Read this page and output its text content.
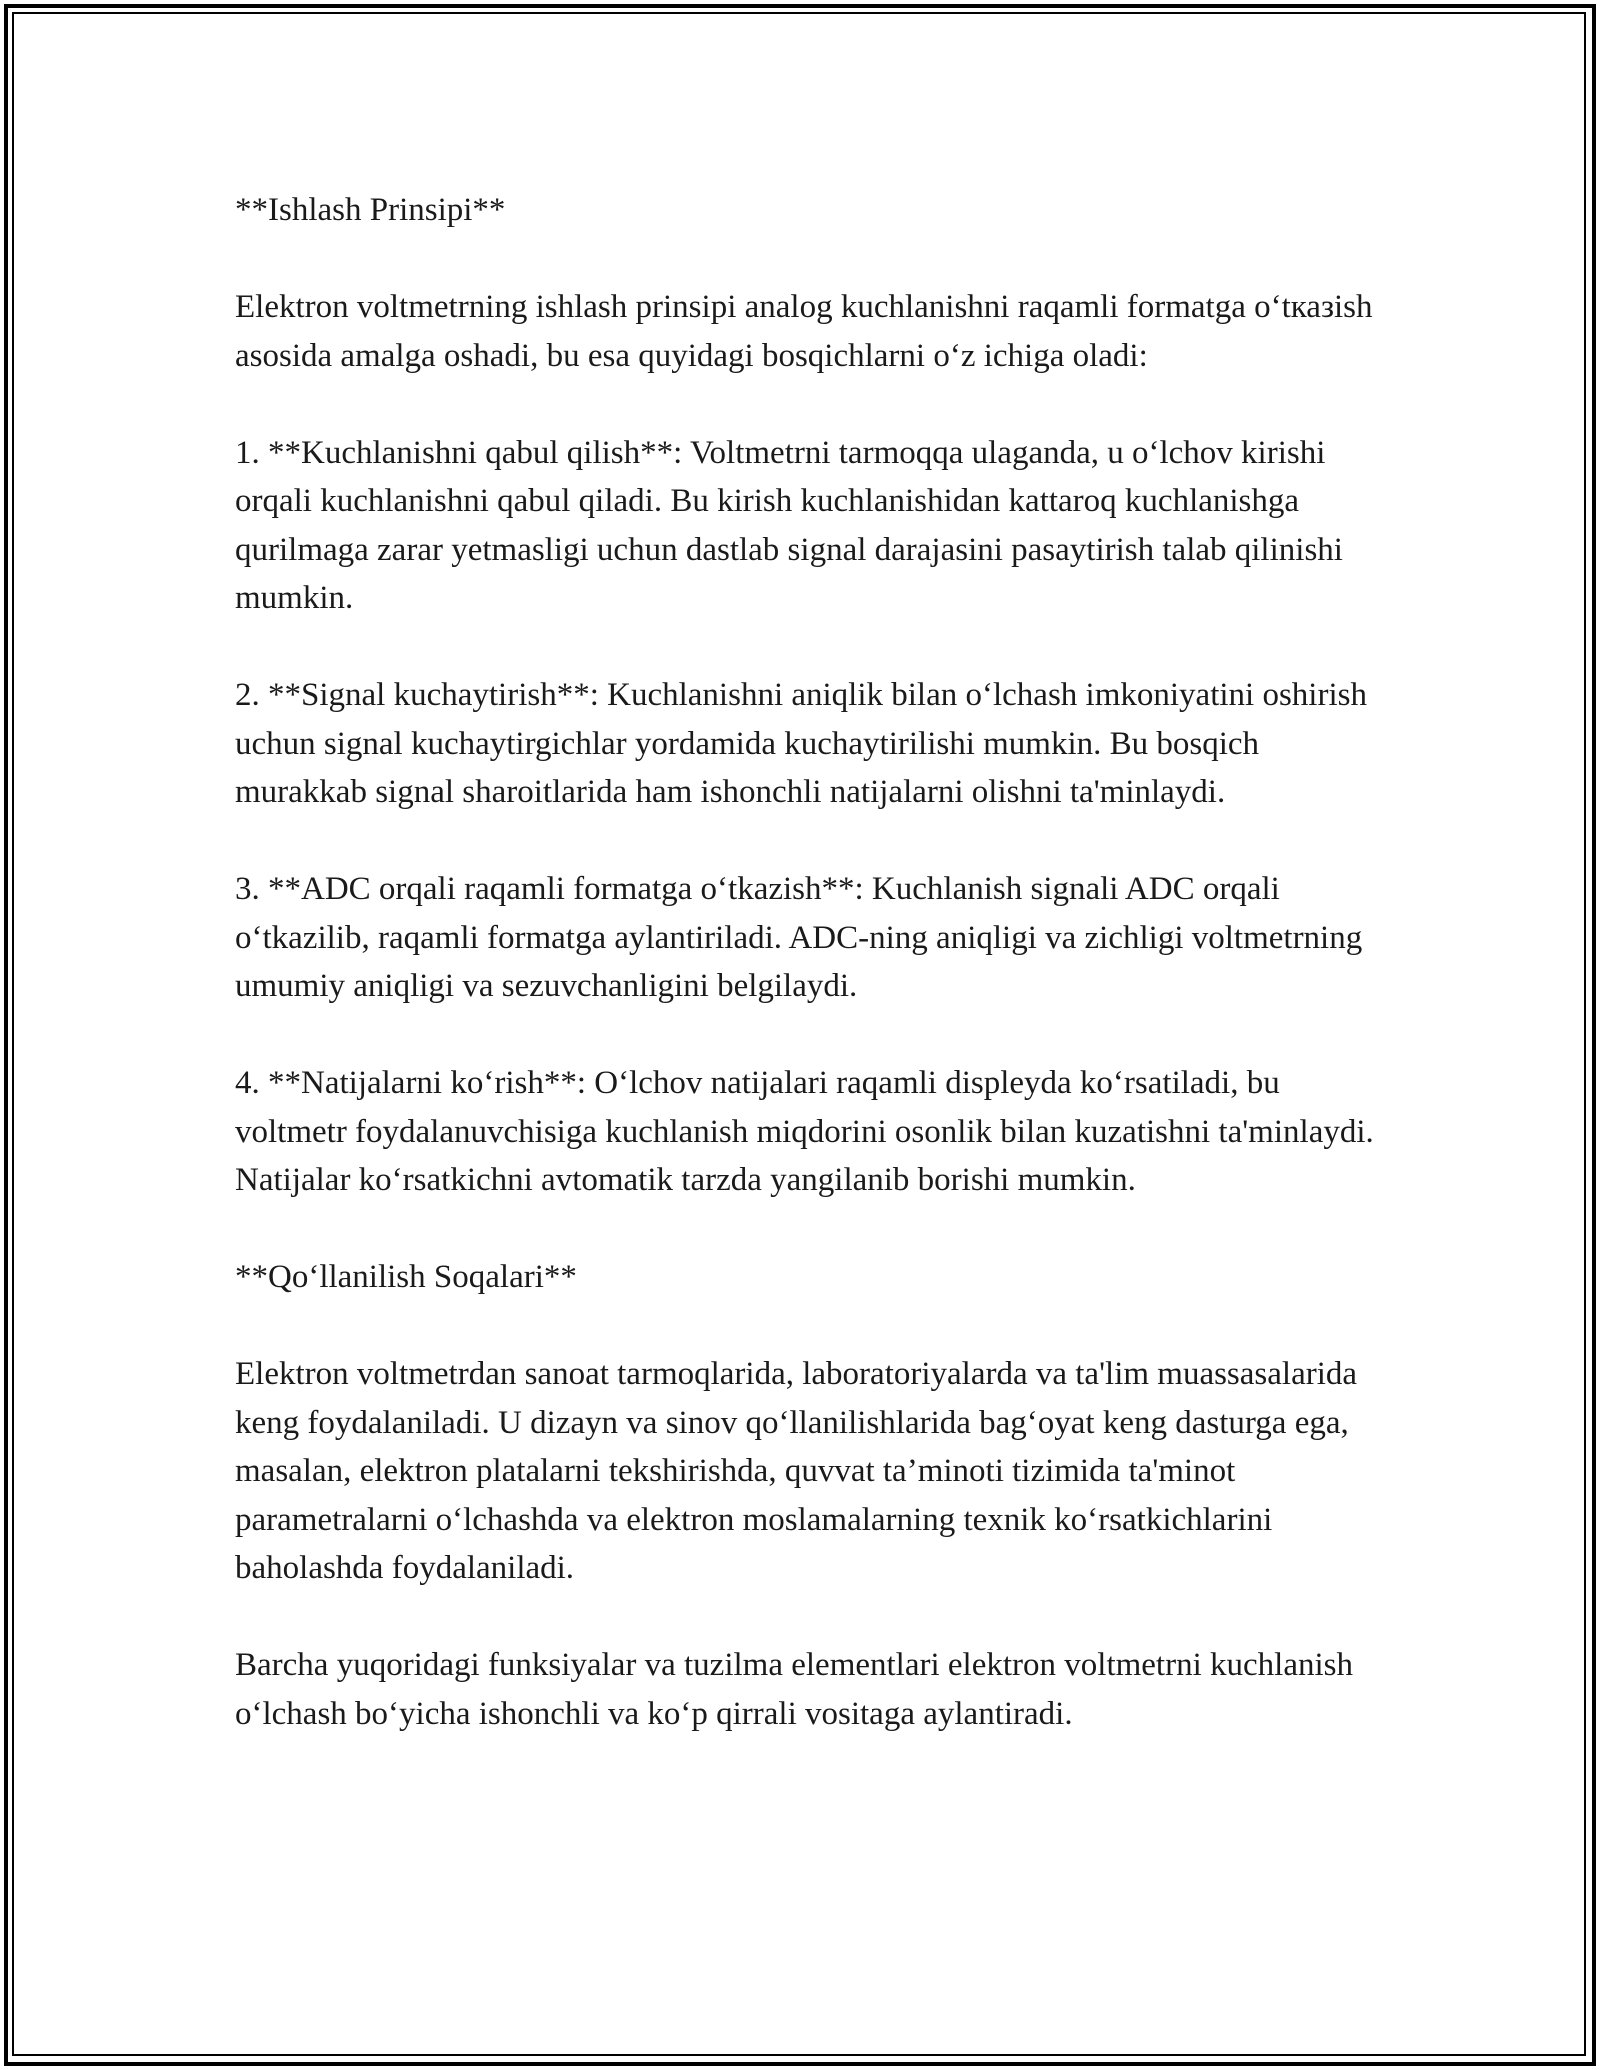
**Ishlash Prinsipi**

Elektron voltmetrning ishlash prinsipi analog kuchlanishni raqamli formatga o‘tказish asosida amalga oshadi, bu esa quyidagi bosqichlarni o‘z ichiga oladi:

1. **Kuchlanishni qabul qilish**: Voltmetrni tarmoqqa ulaganda, u o‘lchov kirishi orqali kuchlanishni qabul qiladi. Bu kirish kuchlanishidan kattaroq kuchlanishga qurilmaga zarar yetmasligi uchun dastlab signal darajasini pasaytirish talab qilinishi mumkin.

2. **Signal kuchaytirish**: Kuchlanishni aniqlik bilan o‘lchash imkoniyatini oshirish uchun signal kuchaytirgichlar yordamida kuchaytirilishi mumkin. Bu bosqich murakkab signal sharoitlarida ham ishonchli natijalarni olishni ta'minlaydi.

3. **ADC orqali raqamli formatga o‘tkazish**: Kuchlanish signali ADC orqali o‘tkazilib, raqamli formatga aylantiriladi. ADC-ning aniqligi va zichligi voltmetrning umumiy aniqligi va sezuvchanligini belgilaydi.

4. **Natijalarni ko‘rish**: O‘lchov natijalari raqamli displeyda ko‘rsatiladi, bu voltmetr foydalanuvchisiga kuchlanish miqdorini osonlik bilan kuzatishni ta'minlaydi. Natijalar ko‘rsatkichni avtomatik tarzda yangilanib borishi mumkin.

**Qo‘llanilish Soqalari**

Elektron voltmetrdan sanoat tarmoqlarida, laboratoriyalarda va ta'lim muassasalarida keng foydalaniladi. U dizayn va sinov qo‘llanilishlarida bag‘oyat keng dasturga ega, masalan, elektron platalarni tekshirishda, quvvat ta’minoti tizimida ta'minot parametralarni o‘lchashda va elektron moslamalarning texnik ko‘rsatkichlarini baholashda foydalaniladi.

Barcha yuqoridagi funksiyalar va tuzilma elementlari elektron voltmetrni kuchlanish o‘lchash bo‘yicha ishonchli va ko‘p qirrali vositaga aylantiradi.
